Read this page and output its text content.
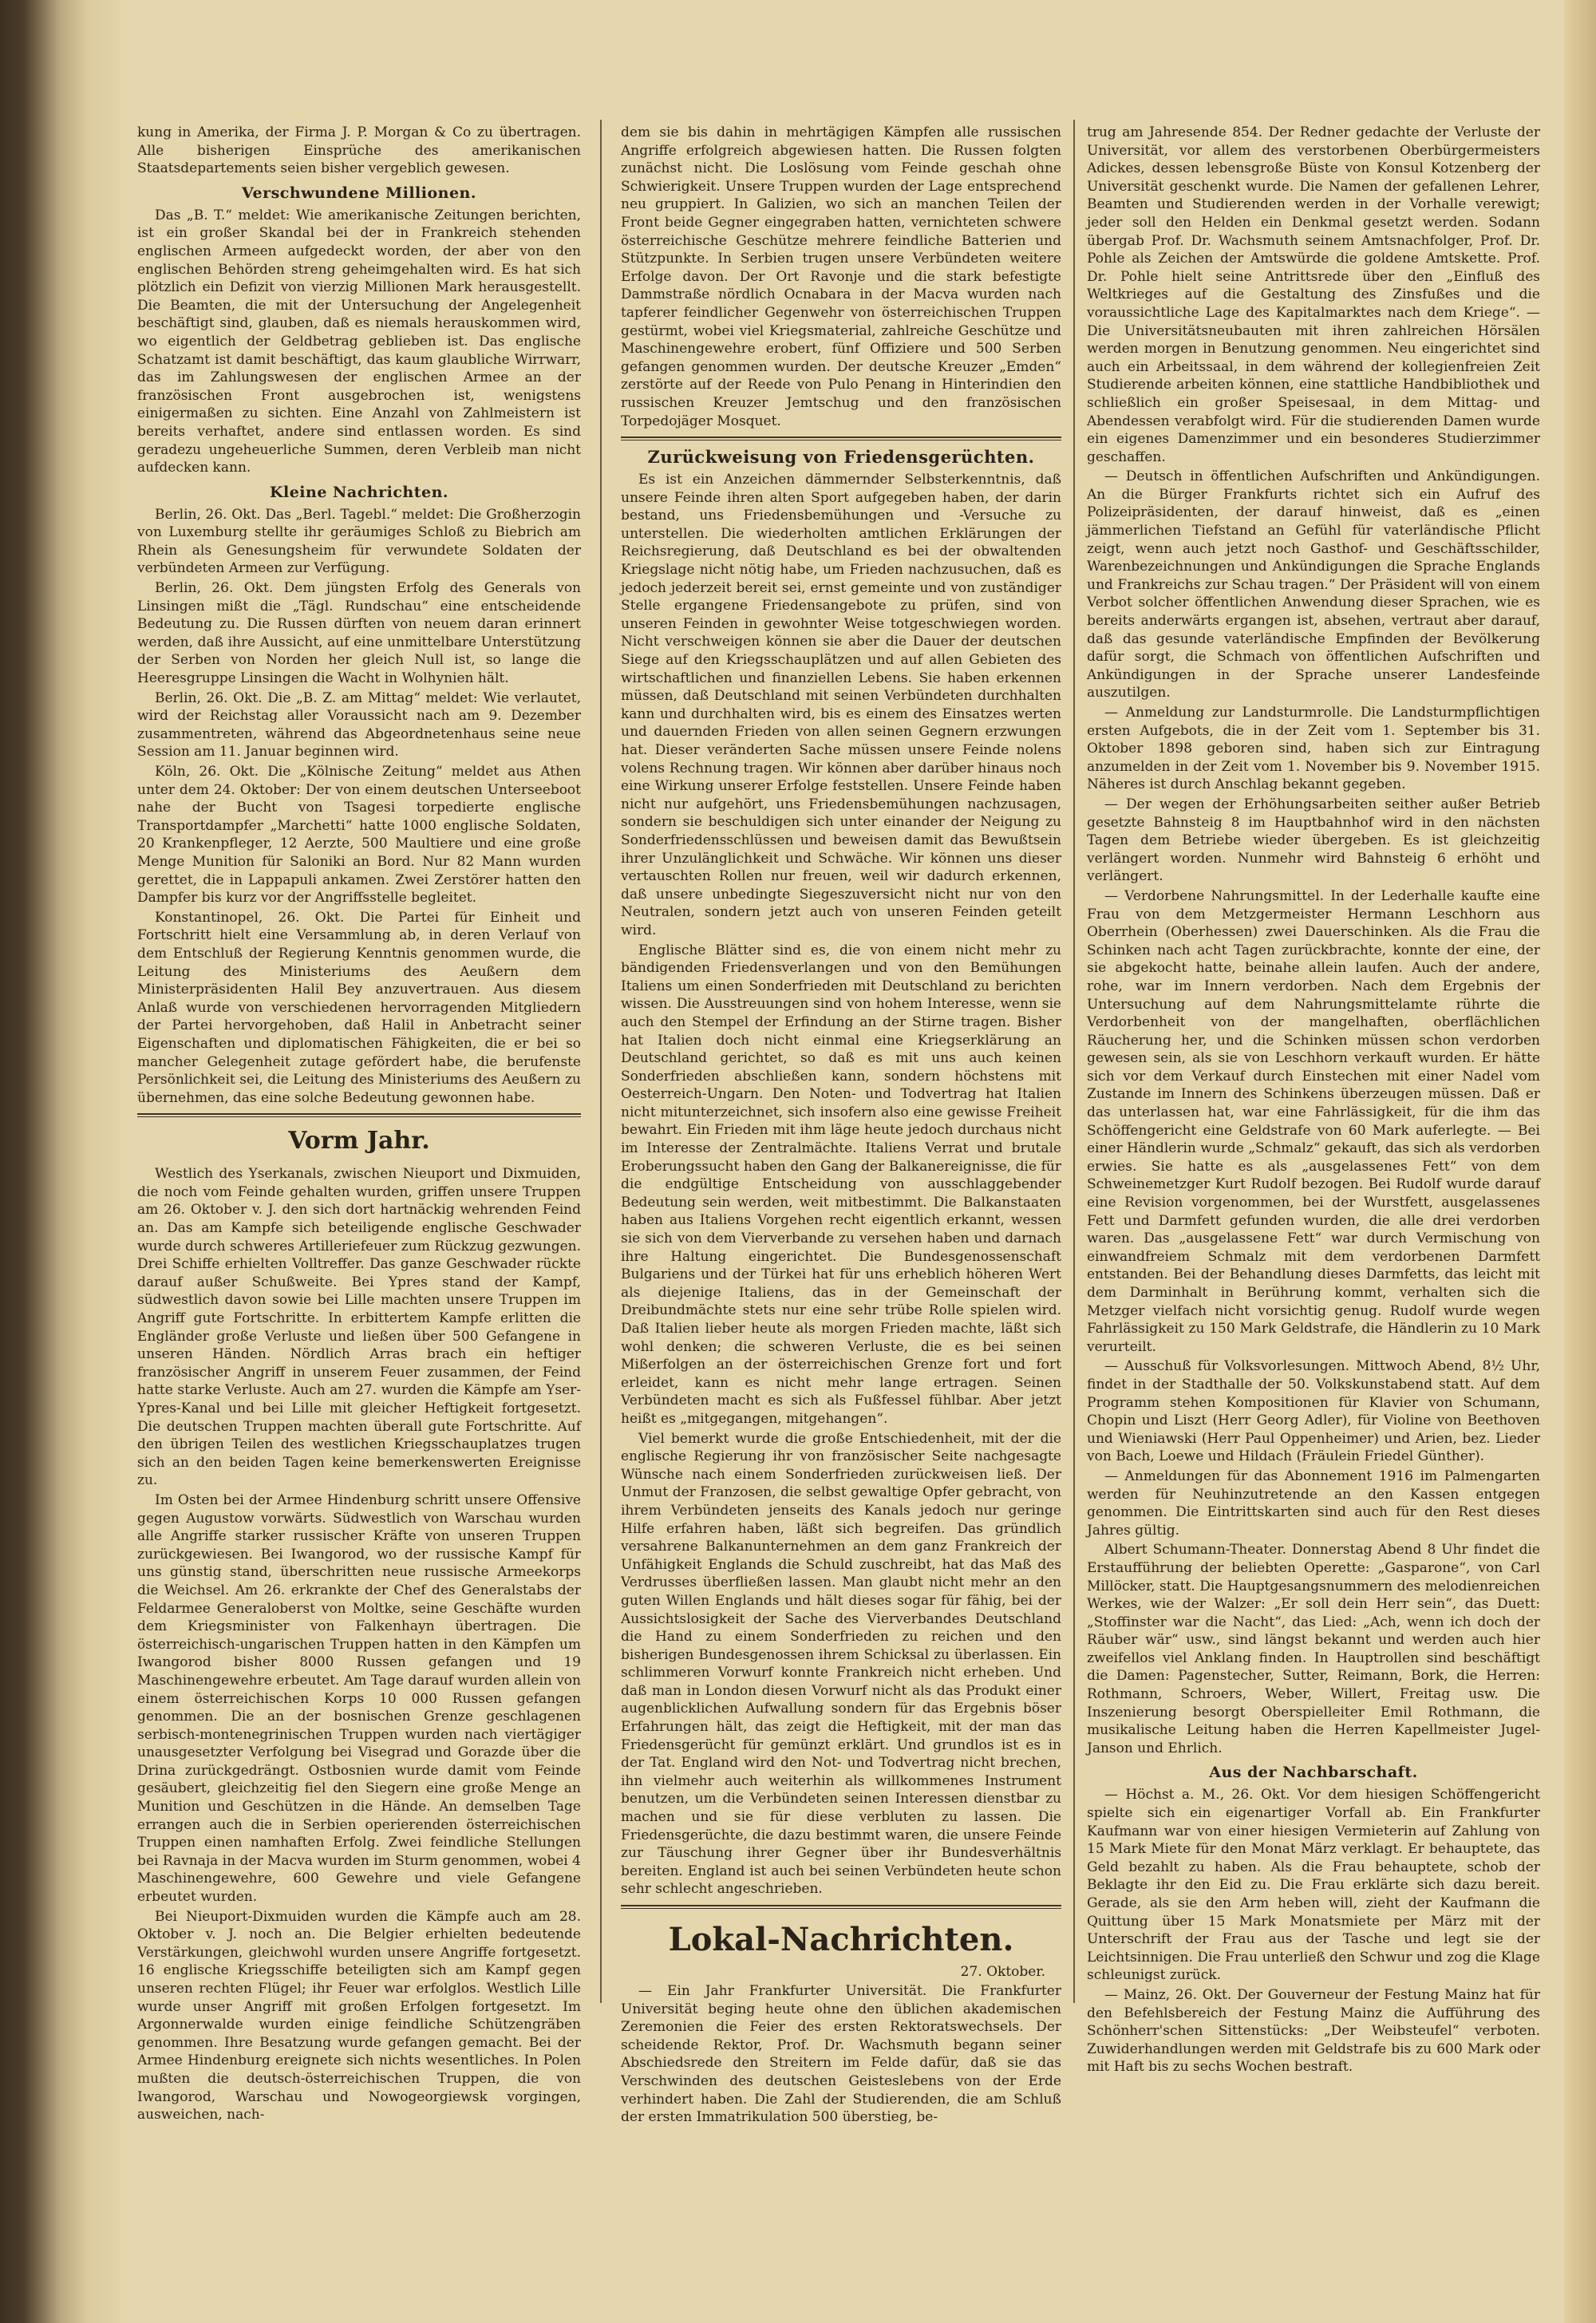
kung in Amerika, der Firma J. P. Morgan & Co zu übertragen. Alle bisherigen Einsprüche des amerikanischen Staatsdepartements seien bisher vergeblich gewesen.

Verschwundene Millionen.

Das „B. T.“ meldet: Wie amerikanische Zeitungen berichten, ist ein großer Skandal bei der in Frankreich stehenden englischen Armeen aufgedeckt worden, der aber von den englischen Behörden streng geheimgehalten wird. Es hat sich plötzlich ein Defizit von vierzig Millionen Mark herausgestellt. Die Beamten, die mit der Untersuchung der Angelegenheit beschäftigt sind, glauben, daß es niemals herauskommen wird, wo eigentlich der Geldbetrag geblieben ist. Das englische Schatzamt ist damit beschäftigt, das kaum glaubliche Wirrwarr, das im Zahlungswesen der englischen Armee an der französischen Front ausgebrochen ist, wenigstens einigermaßen zu sichten. Eine Anzahl von Zahlmeistern ist bereits verhaftet, andere sind entlassen worden. Es sind geradezu ungeheuerliche Summen, deren Verbleib man nicht aufdecken kann.

Kleine Nachrichten.

Berlin, 26. Okt. Das „Berl. Tagebl.“ meldet: Die Großherzogin von Luxemburg stellte ihr geräumiges Schloß zu Biebrich am Rhein als Genesungsheim für verwundete Soldaten der verbündeten Armeen zur Verfügung.

Berlin, 26. Okt. Dem jüngsten Erfolg des Generals von Linsingen mißt die „Tägl. Rundschau“ eine entscheidende Bedeutung zu. Die Russen dürften von neuem daran erinnert werden, daß ihre Aussicht, auf eine unmittelbare Unterstützung der Serben von Norden her gleich Null ist, so lange die Heeresgruppe Linsingen die Wacht in Wolhynien hält.

Berlin, 26. Okt. Die „B. Z. am Mittag“ meldet: Wie verlautet, wird der Reichstag aller Voraussicht nach am 9. Dezember zusammentreten, während das Abgeordnetenhaus seine neue Session am 11. Januar beginnen wird.

Köln, 26. Okt. Die „Kölnische Zeitung“ meldet aus Athen unter dem 24. Oktober: Der von einem deutschen Unterseeboot nahe der Bucht von Tsagesi torpedierte englische Transportdampfer „Marchetti“ hatte 1000 englische Soldaten, 20 Krankenpfleger, 12 Aerzte, 500 Maultiere und eine große Menge Munition für Saloniki an Bord. Nur 82 Mann wurden gerettet, die in Lappapuli ankamen. Zwei Zerstörer hatten den Dampfer bis kurz vor der Angriffsstelle begleitet.

Konstantinopel, 26. Okt. Die Partei für Einheit und Fortschritt hielt eine Versammlung ab, in deren Verlauf von dem Entschluß der Regierung Kenntnis genommen wurde, die Leitung des Ministeriums des Aeußern dem Ministerpräsidenten Halil Bey anzuvertrauen. Aus diesem Anlaß wurde von verschiedenen hervorragenden Mitgliedern der Partei hervorgehoben, daß Halil in Anbetracht seiner Eigenschaften und diplomatischen Fähigkeiten, die er bei so mancher Gelegenheit zutage gefördert habe, die berufenste Persönlichkeit sei, die Leitung des Ministeriums des Aeußern zu übernehmen, das eine solche Bedeutung gewonnen habe.

Vorm Jahr.

Westlich des Yserkanals, zwischen Nieuport und Dixmuiden, die noch vom Feinde gehalten wurden, griffen unsere Truppen am 26. Oktober v. J. den sich dort hartnäckig wehrenden Feind an. Das am Kampfe sich beteiligende englische Geschwader wurde durch schweres Artilleriefeuer zum Rückzug gezwungen. Drei Schiffe erhielten Volltreffer. Das ganze Geschwader rückte darauf außer Schußweite. Bei Ypres stand der Kampf, südwestlich davon sowie bei Lille machten unsere Truppen im Angriff gute Fortschritte. In erbittertem Kampfe erlitten die Engländer große Verluste und ließen über 500 Gefangene in unseren Händen. Nördlich Arras brach ein heftiger französischer Angriff in unserem Feuer zusammen, der Feind hatte starke Verluste. Auch am 27. wurden die Kämpfe am Yser-Ypres-Kanal und bei Lille mit gleicher Heftigkeit fortgesetzt. Die deutschen Truppen machten überall gute Fortschritte. Auf den übrigen Teilen des westlichen Kriegsschauplatzes trugen sich an den beiden Tagen keine bemerkenswerten Ereignisse zu.

Im Osten bei der Armee Hindenburg schritt unsere Offensive gegen Augustow vorwärts. Südwestlich von Warschau wurden alle Angriffe starker russischer Kräfte von unseren Truppen zurückgewiesen. Bei Iwangorod, wo der russische Kampf für uns günstig stand, überschritten neue russische Armeekorps die Weichsel. Am 26. erkrankte der Chef des Generalstabs der Feldarmee Generaloberst von Moltke, seine Geschäfte wurden dem Kriegsminister von Falkenhayn übertragen. Die österreichisch-ungarischen Truppen hatten in den Kämpfen um Iwangorod bisher 8000 Russen gefangen und 19 Maschinengewehre erbeutet. Am Tage darauf wurden allein von einem österreichischen Korps 10 000 Russen gefangen genommen. Die an der bosnischen Grenze geschlagenen serbisch-montenegrinischen Truppen wurden nach viertägiger unausgesetzter Verfolgung bei Visegrad und Gorazde über die Drina zurückgedrängt. Ostbosnien wurde damit vom Feinde gesäubert, gleichzeitig fiel den Siegern eine große Menge an Munition und Geschützen in die Hände. An demselben Tage errangen auch die in Serbien operierenden österreichischen Truppen einen namhaften Erfolg. Zwei feindliche Stellungen bei Ravnaja in der Macva wurden im Sturm genommen, wobei 4 Maschinengewehre, 600 Gewehre und viele Gefangene erbeutet wurden.

Bei Nieuport-Dixmuiden wurden die Kämpfe auch am 28. Oktober v. J. noch an. Die Belgier erhielten bedeutende Verstärkungen, gleichwohl wurden unsere Angriffe fortgesetzt. 16 englische Kriegsschiffe beteiligten sich am Kampf gegen unseren rechten Flügel; ihr Feuer war erfolglos. Westlich Lille wurde unser Angriff mit großen Erfolgen fortgesetzt. Im Argonnerwalde wurden einige feindliche Schützengräben genommen. Ihre Besatzung wurde gefangen gemacht. Bei der Armee Hindenburg ereignete sich nichts wesentliches. In Polen mußten die deutsch-österreichischen Truppen, die von Iwangorod, Warschau und Nowogeorgiewsk vorgingen, ausweichen, nach-

dem sie bis dahin in mehrtägigen Kämpfen alle russischen Angriffe erfolgreich abgewiesen hatten. Die Russen folgten zunächst nicht. Die Loslösung vom Feinde geschah ohne Schwierigkeit. Unsere Truppen wurden der Lage entsprechend neu gruppiert. In Galizien, wo sich an manchen Teilen der Front beide Gegner eingegraben hatten, vernichteten schwere österreichische Geschütze mehrere feindliche Batterien und Stützpunkte. In Serbien trugen unsere Verbündeten weitere Erfolge davon. Der Ort Ravonje und die stark befestigte Dammstraße nördlich Ocnabara in der Macva wurden nach tapferer feindlicher Gegenwehr von österreichischen Truppen gestürmt, wobei viel Kriegsmaterial, zahlreiche Geschütze und Maschinengewehre erobert, fünf Offiziere und 500 Serben gefangen genommen wurden. Der deutsche Kreuzer „Emden“ zerstörte auf der Reede von Pulo Penang in Hinterindien den russischen Kreuzer Jemtschug und den französischen Torpedojäger Mosquet.

Zurückweisung von Friedensgerüchten.

Es ist ein Anzeichen dämmernder Selbsterkenntnis, daß unsere Feinde ihren alten Sport aufgegeben haben, der darin bestand, uns Friedensbemühungen und -Versuche zu unterstellen. Die wiederholten amtlichen Erklärungen der Reichsregierung, daß Deutschland es bei der obwaltenden Kriegslage nicht nötig habe, um Frieden nachzusuchen, daß es jedoch jederzeit bereit sei, ernst gemeinte und von zuständiger Stelle ergangene Friedensangebote zu prüfen, sind von unseren Feinden in gewohnter Weise totgeschwiegen worden. Nicht verschweigen können sie aber die Dauer der deutschen Siege auf den Kriegsschauplätzen und auf allen Gebieten des wirtschaftlichen und finanziellen Lebens. Sie haben erkennen müssen, daß Deutschland mit seinen Verbündeten durchhalten kann und durchhalten wird, bis es einem des Einsatzes werten und dauernden Frieden von allen seinen Gegnern erzwungen hat. Dieser veränderten Sache müssen unsere Feinde nolens volens Rechnung tragen. Wir können aber darüber hinaus noch eine Wirkung unserer Erfolge feststellen. Unsere Feinde haben nicht nur aufgehört, uns Friedensbemühungen nachzusagen, sondern sie beschuldigen sich unter einander der Neigung zu Sonderfriedensschlüssen und beweisen damit das Bewußtsein ihrer Unzulänglichkeit und Schwäche. Wir können uns dieser vertauschten Rollen nur freuen, weil wir dadurch erkennen, daß unsere unbedingte Siegeszuversicht nicht nur von den Neutralen, sondern jetzt auch von unseren Feinden geteilt wird.

Englische Blätter sind es, die von einem nicht mehr zu bändigenden Friedensverlangen und von den Bemühungen Italiens um einen Sonderfrieden mit Deutschland zu berichten wissen. Die Ausstreuungen sind von hohem Interesse, wenn sie auch den Stempel der Erfindung an der Stirne tragen. Bisher hat Italien doch nicht einmal eine Kriegserklärung an Deutschland gerichtet, so daß es mit uns auch keinen Sonderfrieden abschließen kann, sondern höchstens mit Oesterreich-Ungarn. Den Noten- und Todvertrag hat Italien nicht mitunterzeichnet, sich insofern also eine gewisse Freiheit bewahrt. Ein Frieden mit ihm läge heute jedoch durchaus nicht im Interesse der Zentralmächte. Italiens Verrat und brutale Eroberungssucht haben den Gang der Balkanereignisse, die für die endgültige Entscheidung von ausschlaggebender Bedeutung sein werden, weit mitbestimmt. Die Balkanstaaten haben aus Italiens Vorgehen recht eigentlich erkannt, wessen sie sich von dem Vierverbande zu versehen haben und darnach ihre Haltung eingerichtet. Die Bundesgenossenschaft Bulgariens und der Türkei hat für uns erheblich höheren Wert als diejenige Italiens, das in der Gemeinschaft der Dreibundmächte stets nur eine sehr trübe Rolle spielen wird. Daß Italien lieber heute als morgen Frieden machte, läßt sich wohl denken; die schweren Verluste, die es bei seinen Mißerfolgen an der österreichischen Grenze fort und fort erleidet, kann es nicht mehr lange ertragen. Seinen Verbündeten macht es sich als Fußfessel fühlbar. Aber jetzt heißt es „mitgegangen, mitgehangen“.

Viel bemerkt wurde die große Entschiedenheit, mit der die englische Regierung ihr von französischer Seite nachgesagte Wünsche nach einem Sonderfrieden zurückweisen ließ. Der Unmut der Franzosen, die selbst gewaltige Opfer gebracht, von ihrem Verbündeten jenseits des Kanals jedoch nur geringe Hilfe erfahren haben, läßt sich begreifen. Das gründlich versahrene Balkanunternehmen an dem ganz Frankreich der Unfähigkeit Englands die Schuld zuschreibt, hat das Maß des Verdrusses überfließen lassen. Man glaubt nicht mehr an den guten Willen Englands und hält dieses sogar für fähig, bei der Aussichtslosigkeit der Sache des Vierverbandes Deutschland die Hand zu einem Sonderfrieden zu reichen und den bisherigen Bundesgenossen ihrem Schicksal zu überlassen. Ein schlimmeren Vorwurf konnte Frankreich nicht erheben. Und daß man in London diesen Vorwurf nicht als das Produkt einer augenblicklichen Aufwallung sondern für das Ergebnis böser Erfahrungen hält, das zeigt die Heftigkeit, mit der man das Friedensgerücht für gemünzt erklärt. Und grundlos ist es in der Tat. England wird den Not- und Todvertrag nicht brechen, ihn vielmehr auch weiterhin als willkommenes Instrument benutzen, um die Verbündeten seinen Interessen dienstbar zu machen und sie für diese verbluten zu lassen. Die Friedensgerüchte, die dazu bestimmt waren, die unsere Feinde zur Täuschung ihrer Gegner über ihr Bundesverhältnis bereiten. England ist auch bei seinen Verbündeten heute schon sehr schlecht angeschrieben.

Lokal-Nachrichten.
27. Oktober.

— Ein Jahr Frankfurter Universität. Die Frankfurter Universität beging heute ohne den üblichen akademischen Zeremonien die Feier des ersten Rektoratswechsels. Der scheidende Rektor, Prof. Dr. Wachsmuth begann seiner Abschiedsrede den Streitern im Felde dafür, daß sie das Verschwinden des deutschen Geisteslebens von der Erde verhindert haben. Die Zahl der Studierenden, die am Schluß der ersten Immatrikulation 500 überstieg, be-

trug am Jahresende 854. Der Redner gedachte der Verluste der Universität, vor allem des verstorbenen Oberbürgermeisters Adickes, dessen lebensgroße Büste von Konsul Kotzenberg der Universität geschenkt wurde. Die Namen der gefallenen Lehrer, Beamten und Studierenden werden in der Vorhalle verewigt; jeder soll den Helden ein Denkmal gesetzt werden. Sodann übergab Prof. Dr. Wachsmuth seinem Amtsnachfolger, Prof. Dr. Pohle als Zeichen der Amtswürde die goldene Amtskette. Prof. Dr. Pohle hielt seine Antrittsrede über den „Einfluß des Weltkrieges auf die Gestaltung des Zinsfußes und die voraussichtliche Lage des Kapitalmarktes nach dem Kriege“. — Die Universitätsneubauten mit ihren zahlreichen Hörsälen werden morgen in Benutzung genommen. Neu eingerichtet sind auch ein Arbeitssaal, in dem während der kollegienfreien Zeit Studierende arbeiten können, eine stattliche Handbibliothek und schließlich ein großer Speisesaal, in dem Mittag- und Abendessen verabfolgt wird. Für die studierenden Damen wurde ein eigenes Damenzimmer und ein besonderes Studierzimmer geschaffen.

— Deutsch in öffentlichen Aufschriften und Ankündigungen. An die Bürger Frankfurts richtet sich ein Aufruf des Polizeipräsidenten, der darauf hinweist, daß es „einen jämmerlichen Tiefstand an Gefühl für vaterländische Pflicht zeigt, wenn auch jetzt noch Gasthof- und Geschäftsschilder, Warenbezeichnungen und Ankündigungen die Sprache Englands und Frankreichs zur Schau tragen.“ Der Präsident will von einem Verbot solcher öffentlichen Anwendung dieser Sprachen, wie es bereits anderwärts ergangen ist, absehen, vertraut aber darauf, daß das gesunde vaterländische Empfinden der Bevölkerung dafür sorgt, die Schmach von öffentlichen Aufschriften und Ankündigungen in der Sprache unserer Landesfeinde auszutilgen.

— Anmeldung zur Landsturmrolle. Die Landsturmpflichtigen ersten Aufgebots, die in der Zeit vom 1. September bis 31. Oktober 1898 geboren sind, haben sich zur Eintragung anzumelden in der Zeit vom 1. November bis 9. November 1915. Näheres ist durch Anschlag bekannt gegeben.

— Der wegen der Erhöhungsarbeiten seither außer Betrieb gesetzte Bahnsteig 8 im Hauptbahnhof wird in den nächsten Tagen dem Betriebe wieder übergeben. Es ist gleichzeitig verlängert worden. Nunmehr wird Bahnsteig 6 erhöht und verlängert.

— Verdorbene Nahrungsmittel. In der Lederhalle kaufte eine Frau von dem Metzgermeister Hermann Leschhorn aus Oberrhein (Oberhessen) zwei Dauerschinken. Als die Frau die Schinken nach acht Tagen zurückbrachte, konnte der eine, der sie abgekocht hatte, beinahe allein laufen. Auch der andere, rohe, war im Innern verdorben. Nach dem Ergebnis der Untersuchung auf dem Nahrungsmittelamte rührte die Verdorbenheit von der mangelhaften, oberflächlichen Räucherung her, und die Schinken müssen schon verdorben gewesen sein, als sie von Leschhorn verkauft wurden. Er hätte sich vor dem Verkauf durch Einstechen mit einer Nadel vom Zustande im Innern des Schinkens überzeugen müssen. Daß er das unterlassen hat, war eine Fahrlässigkeit, für die ihm das Schöffengericht eine Geldstrafe von 60 Mark auferlegte. — Bei einer Händlerin wurde „Schmalz“ gekauft, das sich als verdorben erwies. Sie hatte es als „ausgelassenes Fett“ von dem Schweinemetzger Kurt Rudolf bezogen. Bei Rudolf wurde darauf eine Revision vorgenommen, bei der Wurstfett, ausgelassenes Fett und Darmfett gefunden wurden, die alle drei verdorben waren. Das „ausgelassene Fett“ war durch Vermischung von einwandfreiem Schmalz mit dem verdorbenen Darmfett entstanden. Bei der Behandlung dieses Darmfetts, das leicht mit dem Darminhalt in Berührung kommt, verhalten sich die Metzger vielfach nicht vorsichtig genug. Rudolf wurde wegen Fahrlässigkeit zu 150 Mark Geldstrafe, die Händlerin zu 10 Mark verurteilt.

— Ausschuß für Volksvorlesungen. Mittwoch Abend, 8½ Uhr, findet in der Stadthalle der 50. Volkskunstabend statt. Auf dem Programm stehen Kompositionen für Klavier von Schumann, Chopin und Liszt (Herr Georg Adler), für Violine von Beethoven und Wieniawski (Herr Paul Oppenheimer) und Arien, bez. Lieder von Bach, Loewe und Hildach (Fräulein Friedel Günther).

— Anmeldungen für das Abonnement 1916 im Palmengarten werden für Neuhinzutretende an den Kassen entgegen genommen. Die Eintrittskarten sind auch für den Rest dieses Jahres gültig.

Albert Schumann-Theater. Donnerstag Abend 8 Uhr findet die Erstaufführung der beliebten Operette: „Gasparone“, von Carl Millöcker, statt. Die Hauptgesangsnummern des melodienreichen Werkes, wie der Walzer: „Er soll dein Herr sein“, das Duett: „Stoffinster war die Nacht“, das Lied: „Ach, wenn ich doch der Räuber wär“ usw., sind längst bekannt und werden auch hier zweifellos viel Anklang finden. In Hauptrollen sind beschäftigt die Damen: Pagenstecher, Sutter, Reimann, Bork, die Herren: Rothmann, Schroers, Weber, Willert, Freitag usw. Die Inszenierung besorgt Oberspielleiter Emil Rothmann, die musikalische Leitung haben die Herren Kapellmeister Jugel-Janson und Ehrlich.

Aus der Nachbarschaft.

— Höchst a. M., 26. Okt. Vor dem hiesigen Schöffengericht spielte sich ein eigenartiger Vorfall ab. Ein Frankfurter Kaufmann war von einer hiesigen Vermieterin auf Zahlung von 15 Mark Miete für den Monat März verklagt. Er behauptete, das Geld bezahlt zu haben. Als die Frau behauptete, schob der Beklagte ihr den Eid zu. Die Frau erklärte sich dazu bereit. Gerade, als sie den Arm heben will, zieht der Kaufmann die Quittung über 15 Mark Monatsmiete per März mit der Unterschrift der Frau aus der Tasche und legt sie der Leichtsinnigen. Die Frau unterließ den Schwur und zog die Klage schleunigst zurück.

— Mainz, 26. Okt. Der Gouverneur der Festung Mainz hat für den Befehlsbereich der Festung Mainz die Aufführung des Schönherr'schen Sittenstücks: „Der Weibsteufel“ verboten. Zuwiderhandlungen werden mit Geldstrafe bis zu 600 Mark oder mit Haft bis zu sechs Wochen bestraft.
